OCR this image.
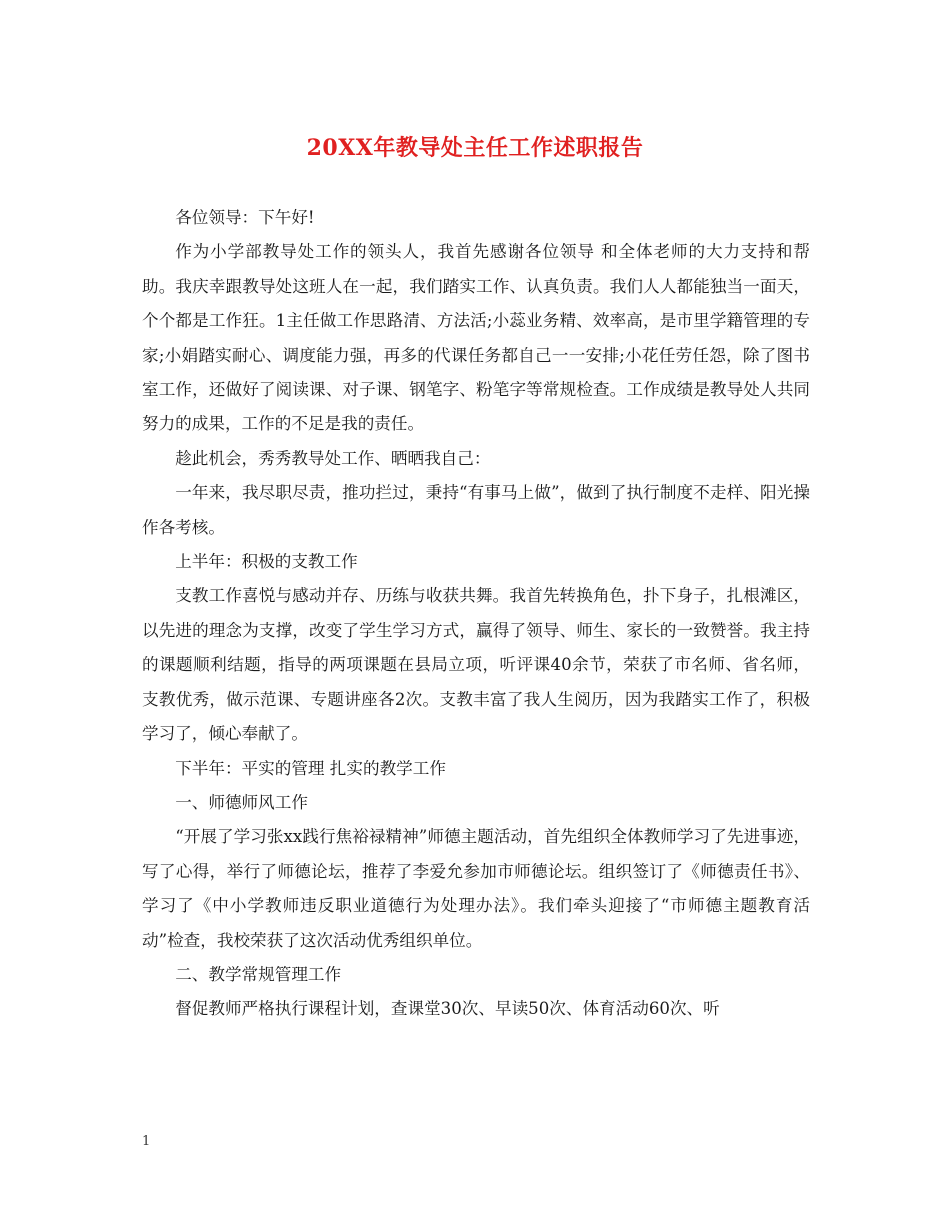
20XX年教导处主任工作述职报告

各位领导：下午好!

作为小学部教导处工作的领头人，我首先感谢各位领导 和全体老师的大力支持和帮助。我庆幸跟教导处这班人在一起，我们踏实工作、认真负责。我们人人都能独当一面天，个个都是工作狂。1主任做工作思路清、方法活;小蕊业务精、效率高，是市里学籍管理的专家;小娟踏实耐心、调度能力强，再多的代课任务都自己一一安排;小花任劳任怨，除了图书室工作，还做好了阅读课、对子课、钢笔字、粉笔字等常规检查。工作成绩是教导处人共同努力的成果，工作的不足是我的责任。

趁此机会，秀秀教导处工作、晒晒我自己：

一年来，我尽职尽责，推功拦过，秉持“有事马上做”，做到了执行制度不走样、阳光操作各考核。

上半年：积极的支教工作

支教工作喜悦与感动并存、历练与收获共舞。我首先转换角色，扑下身子，扎根滩区，以先进的理念为支撑，改变了学生学习方式，赢得了领导、师生、家长的一致赞誉。我主持的课题顺利结题，指导的两项课题在县局立项，听评课40余节，荣获了市名师、省名师，支教优秀，做示范课、专题讲座各2次。支教丰富了我人生阅历，因为我踏实工作了，积极学习了，倾心奉献了。

下半年：平实的管理 扎实的教学工作

一、师德师风工作

“开展了学习张xx践行焦裕禄精神”师德主题活动，首先组织全体教师学习了先进事迹，写了心得，举行了师德论坛，推荐了李爱允参加市师德论坛。组织签订了《师德责任书》、学习了《中小学教师违反职业道德行为处理办法》。我们牵头迎接了“市师德主题教育活动”检查，我校荣获了这次活动优秀组织单位。

二、教学常规管理工作

督促教师严格执行课程计划，查课堂30次、早读50次、体育活动60次、听

1
